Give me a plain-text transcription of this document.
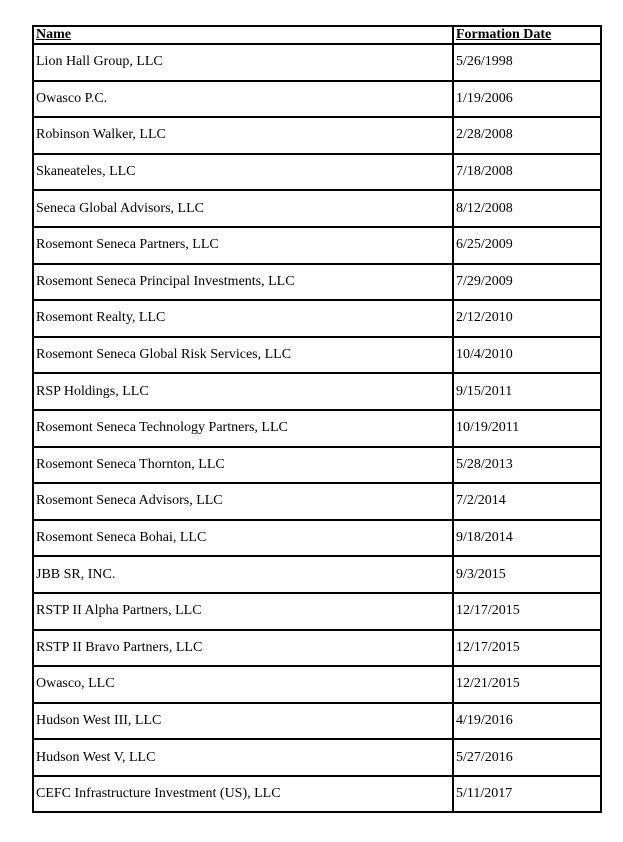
Name	Formation Date
Lion Hall Group, LLC	5/26/1998
Owasco P.C.	1/19/2006
Robinson Walker, LLC	2/28/2008
Skaneateles, LLC	7/18/2008
Seneca Global Advisors, LLC	8/12/2008
Rosemont Seneca Partners, LLC	6/25/2009
Rosemont Seneca Principal Investments, LLC	7/29/2009
Rosemont Realty, LLC	2/12/2010
Rosemont Seneca Global Risk Services, LLC	10/4/2010
RSP Holdings, LLC	9/15/2011
Rosemont Seneca Technology Partners, LLC	10/19/2011
Rosemont Seneca Thornton, LLC	5/28/2013
Rosemont Seneca Advisors, LLC	7/2/2014
Rosemont Seneca Bohai, LLC	9/18/2014
JBB SR, INC.	9/3/2015
RSTP II Alpha Partners, LLC	12/17/2015
RSTP II Bravo Partners, LLC	12/17/2015
Owasco, LLC	12/21/2015
Hudson West III, LLC	4/19/2016
Hudson West V, LLC	5/27/2016
CEFC Infrastructure Investment (US), LLC	5/11/2017
